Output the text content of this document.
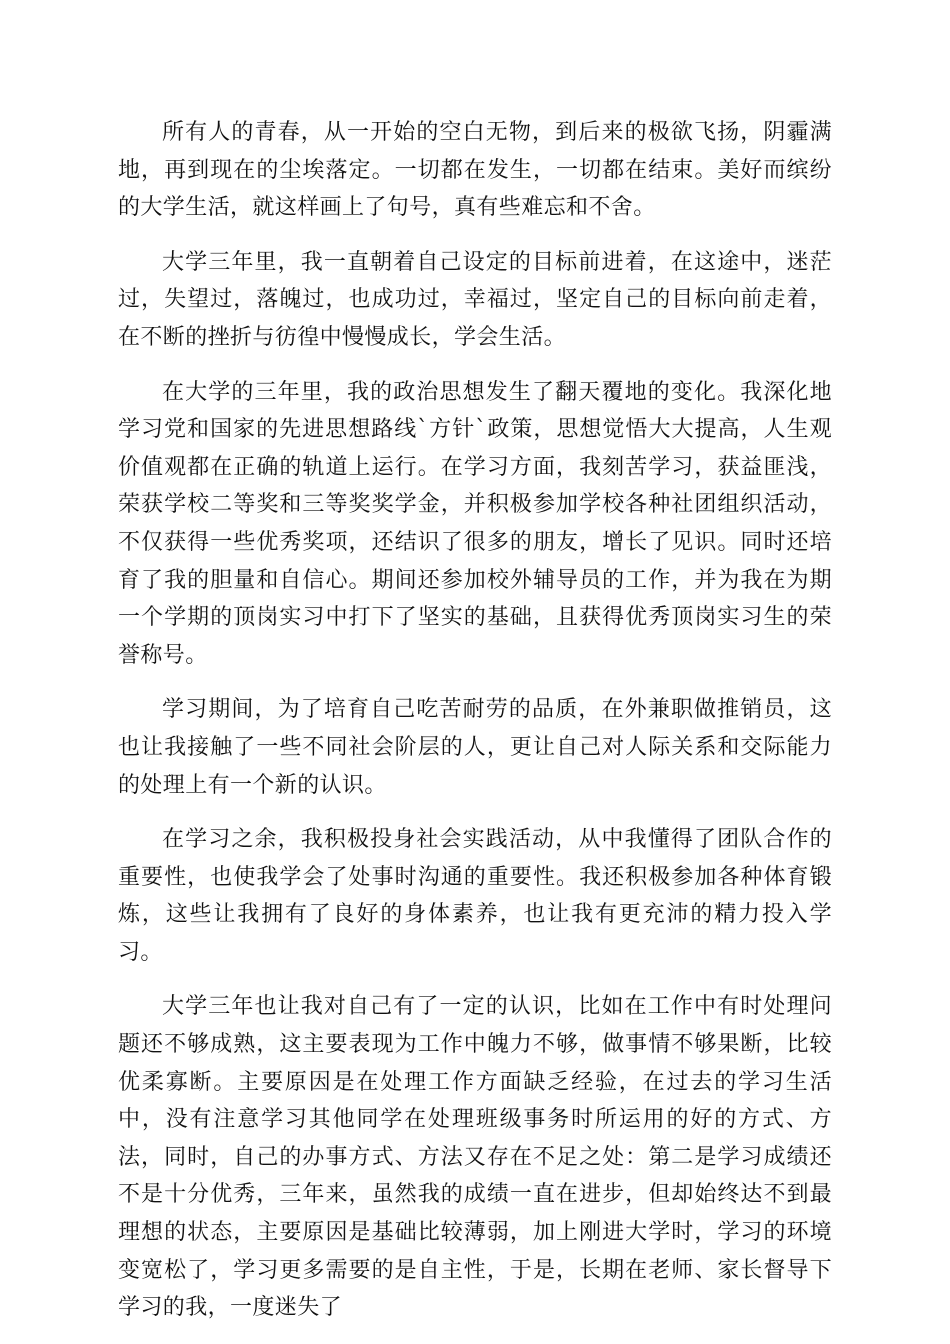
所有人的青春，从一开始的空白无物，到后来的极欲飞扬，阴霾满地，再到现在的尘埃落定。一切都在发生，一切都在结束。美好而缤纷的大学生活，就这样画上了句号，真有些难忘和不舍。

大学三年里，我一直朝着自己设定的目标前进着，在这途中，迷茫过，失望过，落魄过，也成功过，幸福过，坚定自己的目标向前走着，在不断的挫折与彷徨中慢慢成长，学会生活。

在大学的三年里，我的政治思想发生了翻天覆地的变化。我深化地学习党和国家的先进思想路线`方针`政策，思想觉悟大大提高，人生观价值观都在正确的轨道上运行。在学习方面，我刻苦学习，获益匪浅，荣获学校二等奖和三等奖奖学金，并积极参加学校各种社团组织活动，不仅获得一些优秀奖项，还结识了很多的朋友，增长了见识。同时还培育了我的胆量和自信心。期间还参加校外辅导员的工作，并为我在为期一个学期的顶岗实习中打下了坚实的基础，且获得优秀顶岗实习生的荣誉称号。

学习期间，为了培育自己吃苦耐劳的品质，在外兼职做推销员，这也让我接触了一些不同社会阶层的人，更让自己对人际关系和交际能力的处理上有一个新的认识。

在学习之余，我积极投身社会实践活动，从中我懂得了团队合作的重要性，也使我学会了处事时沟通的重要性。我还积极参加各种体育锻炼，这些让我拥有了良好的身体素养，也让我有更充沛的精力投入学习。

大学三年也让我对自己有了一定的认识，比如在工作中有时处理问题还不够成熟，这主要表现为工作中魄力不够，做事情不够果断，比较优柔寡断。主要原因是在处理工作方面缺乏经验，在过去的学习生活中，没有注意学习其他同学在处理班级事务时所运用的好的方式、方法，同时，自己的办事方式、方法又存在不足之处：第二是学习成绩还不是十分优秀，三年来，虽然我的成绩一直在进步，但却始终达不到最理想的状态，主要原因是基础比较薄弱，加上刚进大学时，学习的环境变宽松了，学习更多需要的是自主性，于是，长期在老师、家长督导下学习的我，一度迷失了
